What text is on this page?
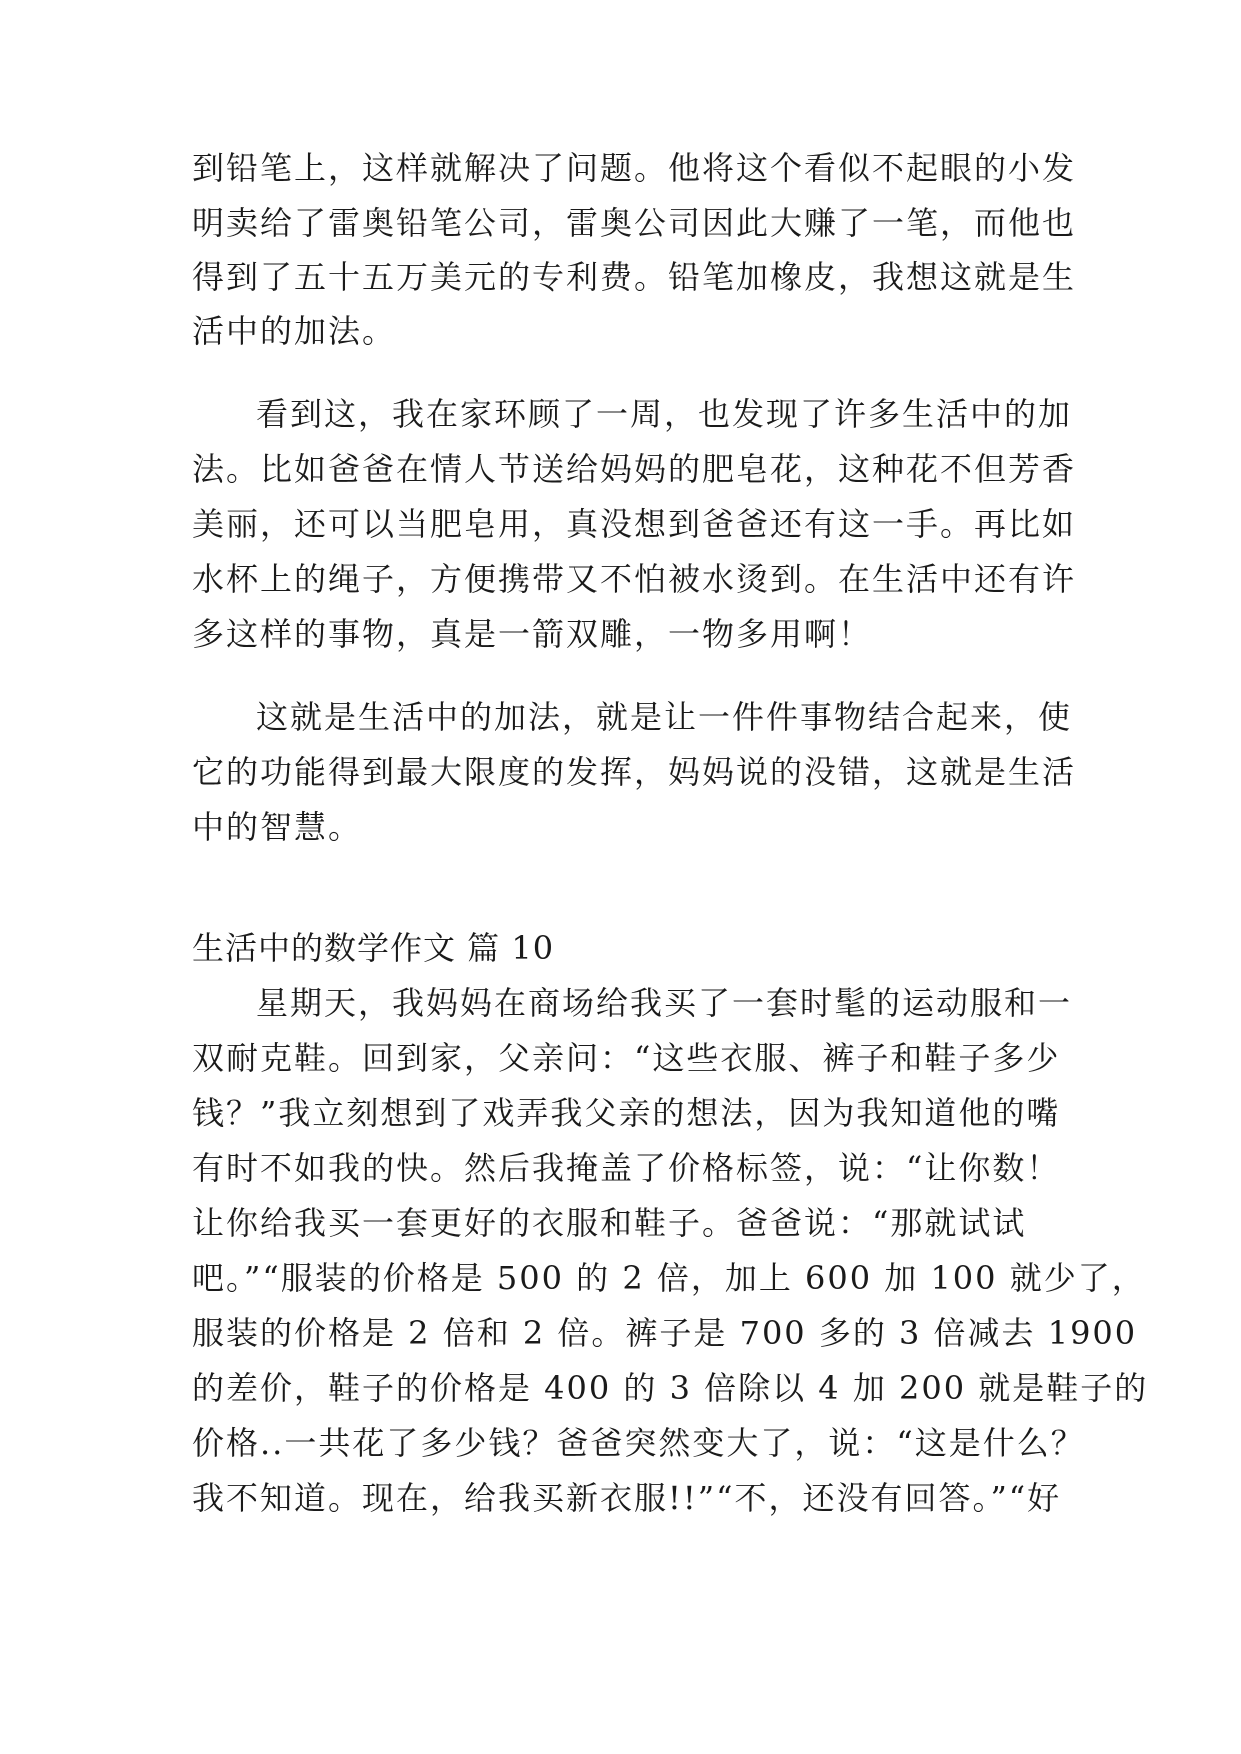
到铅笔上，这样就解决了问题。他将这个看似不起眼的小发
明卖给了雷奥铅笔公司，雷奥公司因此大赚了一笔，而他也
得到了五十五万美元的专利费。铅笔加橡皮，我想这就是生
活中的加法。
看到这，我在家环顾了一周，也发现了许多生活中的加
法。比如爸爸在情人节送给妈妈的肥皂花，这种花不但芳香
美丽，还可以当肥皂用，真没想到爸爸还有这一手。再比如
水杯上的绳子，方便携带又不怕被水烫到。在生活中还有许
多这样的事物，真是一箭双雕，一物多用啊！
这就是生活中的加法，就是让一件件事物结合起来，使
它的功能得到最大限度的发挥，妈妈说的没错，这就是生活
中的智慧。
生活中的数学作文 篇 10
星期天，我妈妈在商场给我买了一套时髦的运动服和一
双耐克鞋。回到家，父亲问：“这些衣服、裤子和鞋子多少
钱？”我立刻想到了戏弄我父亲的想法，因为我知道他的嘴
有时不如我的快。然后我掩盖了价格标签，说：“让你数！
让你给我买一套更好的衣服和鞋子。爸爸说：“那就试试
吧。”“服装的价格是 500 的 2 倍，加上 600 加 100 就少了，
服装的价格是 2 倍和 2 倍。裤子是 700 多的 3 倍减去 1900
的差价，鞋子的价格是 400 的 3 倍除以 4 加 200 就是鞋子的
价格..一共花了多少钱？爸爸突然变大了，说：“这是什么？
我不知道。现在，给我买新衣服!!”“不，还没有回答。”“好
